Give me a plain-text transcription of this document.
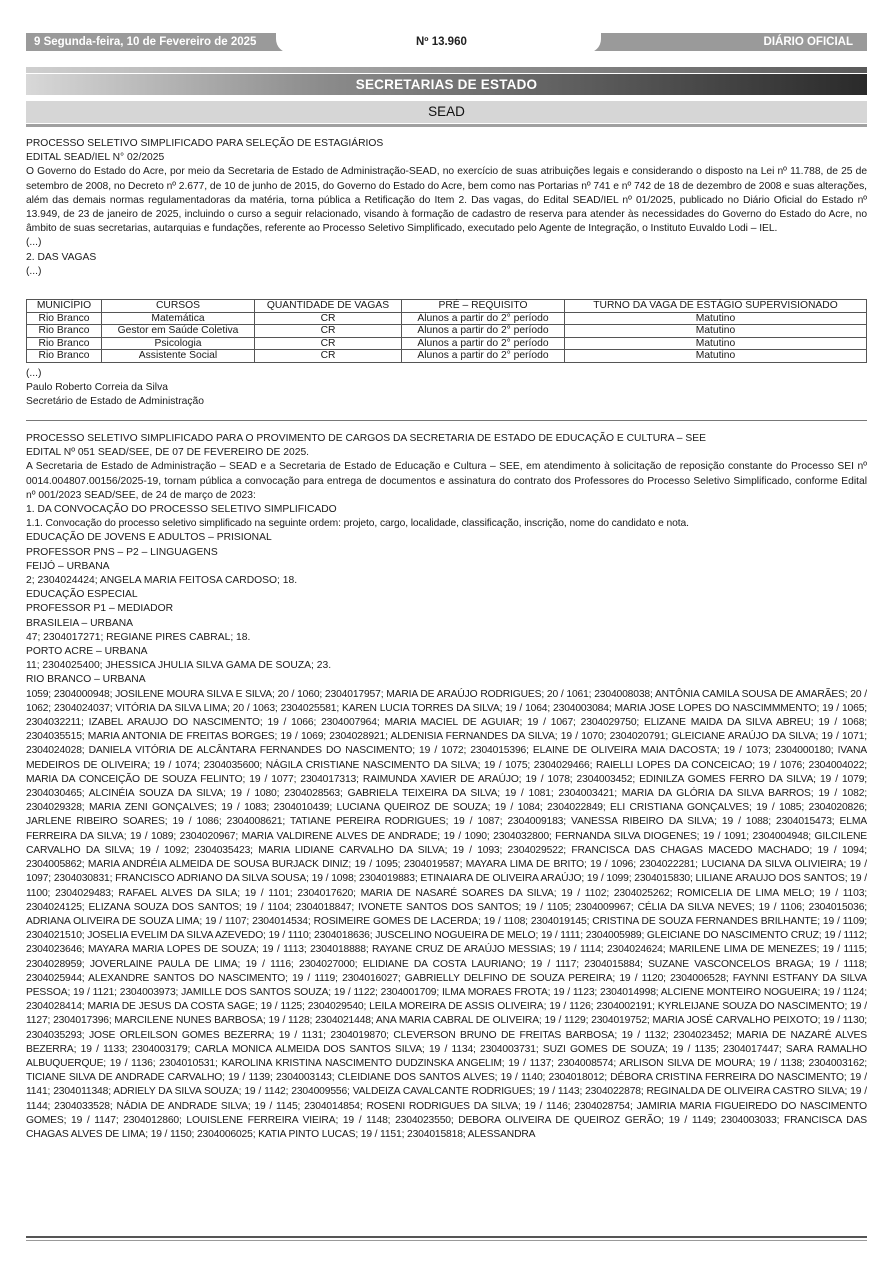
9 Segunda-feira, 10 de Fevereiro de 2025	Nº 13.960	DIÁRIO OFICIAL
SECRETARIAS DE ESTADO
SEAD
PROCESSO SELETIVO SIMPLIFICADO PARA SELEÇÃO DE ESTAGIÁRIOS
EDITAL SEAD/IEL N° 02/2025
O Governo do Estado do Acre, por meio da Secretaria de Estado de Administração-SEAD, no exercício de suas atribuições legais e considerando o disposto na Lei nº 11.788, de 25 de setembro de 2008, no Decreto nº 2.677, de 10 de junho de 2015, do Governo do Estado do Acre, bem como nas Portarias nº 741 e nº 742 de 18 de dezembro de 2008 e suas alterações, além das demais normas regulamentadoras da matéria, torna pública a Retificação do Item 2. Das vagas, do Edital SEAD/IEL nº 01/2025, publicado no Diário Oficial do Estado nº 13.949, de 23 de janeiro de 2025, incluindo o curso a seguir relacionado, visando à formação de cadastro de reserva para atender às necessidades do Governo do Estado do Acre, no âmbito de suas secretarias, autarquias e fundações, referente ao Processo Seletivo Simplificado, executado pelo Agente de Integração, o Instituto Euvaldo Lodi – IEL.
(...)
2. DAS VAGAS
(...)
MUNICÍPIO	CURSOS	QUANTIDADE DE VAGAS	PRÉ – REQUISITO	TURNO DA VAGA DE ESTÁGIO SUPERVISIONADO
Rio Branco	Matemática	CR	Alunos a partir do 2° período	Matutino
Rio Branco	Gestor em Saúde Coletiva	CR	Alunos a partir do 2° período	Matutino
Rio Branco	Psicologia	CR	Alunos a partir do 2° período	Matutino
Rio Branco	Assistente Social	CR	Alunos a partir do 2° período	Matutino
(...)
Paulo Roberto Correia da Silva
Secretário de Estado de Administração
PROCESSO SELETIVO SIMPLIFICADO PARA O PROVIMENTO DE CARGOS DA SECRETARIA DE ESTADO DE EDUCAÇÃO E CULTURA – SEE
EDITAL Nº 051 SEAD/SEE, DE 07 DE FEVEREIRO DE 2025.
A Secretaria de Estado de Administração – SEAD e a Secretaria de Estado de Educação e Cultura – SEE, em atendimento à solicitação de reposição constante do Processo SEI nº 0014.004807.00156/2025-19, tornam pública a convocação para entrega de documentos e assinatura do contrato dos Professores do Processo Seletivo Simplificado, conforme Edital nº 001/2023 SEAD/SEE, de 24 de março de 2023:
1. DA CONVOCAÇÃO DO PROCESSO SELETIVO SIMPLIFICADO
1.1. Convocação do processo seletivo simplificado na seguinte ordem: projeto, cargo, localidade, classificação, inscrição, nome do candidato e nota.
EDUCAÇÃO DE JOVENS E ADULTOS – PRISIONAL
PROFESSOR PNS – P2 – LINGUAGENS
FEIJÓ – URBANA
2; 2304024424; ANGELA MARIA FEITOSA CARDOSO; 18.
EDUCAÇÃO ESPECIAL
PROFESSOR P1 – MEDIADOR
BRASILEIA – URBANA
47; 2304017271; REGIANE PIRES CABRAL; 18.
PORTO ACRE – URBANA
11; 2304025400; JHESSICA JHULIA SILVA GAMA DE SOUZA; 23.
RIO BRANCO – URBANA
1059; 2304000948; JOSILENE MOURA SILVA E SILVA; 20 / 1060; 2304017957; MARIA DE ARAÚJO RODRIGUES; 20 / 1061; 2304008038; ANTÔNIA CAMILA SOUSA DE AMARÃES; 20 / 1062; 2304024037; VITÓRIA DA SILVA LIMA; 20 / 1063; 2304025581; KAREN LUCIA TORRES DA SILVA; 19 / 1064; 2304003084; MARIA JOSE LOPES DO NASCIMMMENTO; 19 / 1065; 2304032211; IZABEL ARAUJO DO NASCIMENTO; 19 / 1066; 2304007964; MARIA MACIEL DE AGUIAR; 19 / 1067; 2304029750; ELIZANE MAIDA DA SILVA ABREU; 19 / 1068; 2304035515; MARIA ANTONIA DE FREITAS BORGES; 19 / 1069; 2304028921; ALDENISIA FERNANDES DA SILVA; 19 / 1070; 2304020791; GLEICIANE ARAÚJO DA SILVA; 19 / 1071; 2304024028; DANIELA VITÓRIA DE ALCÂNTARA FERNANDES DO NASCIMENTO; 19 / 1072; 2304015396; ELAINE DE OLIVEIRA MAIA DACOSTA; 19 / 1073; 2304000180; IVANA MEDEIROS DE OLIVEIRA; 19 / 1074; 2304035600; NÁGILA CRISTIANE NASCIMENTO DA SILVA; 19 / 1075; 2304029466; RAIELLI LOPES DA CONCEICAO; 19 / 1076; 2304004022; MARIA DA CONCEIÇÃO DE SOUZA FELINTO; 19 / 1077; 2304017313; RAIMUNDA XAVIER DE ARAÚJO; 19 / 1078; 2304003452; EDINILZA GOMES FERRO DA SILVA; 19 / 1079; 2304030465; ALCINÉIA SOUZA DA SILVA; 19 / 1080; 2304028563; GABRIELA TEIXEIRA DA SILVA; 19 / 1081; 2304003421; MARIA DA GLÓRIA DA SILVA BARROS; 19 / 1082; 2304029328; MARIA ZENI GONÇALVES; 19 / 1083; 2304010439; LUCIANA QUEIROZ DE SOUZA; 19 / 1084; 2304022849; ELI CRISTIANA GONÇALVES; 19 / 1085; 2304020826; JARLENE RIBEIRO SOARES; 19 / 1086; 2304008621; TATIANE PEREIRA RODRIGUES; 19 / 1087; 2304009183; VANESSA RIBEIRO DA SILVA; 19 / 1088; 2304015473; ELMA FERREIRA DA SILVA; 19 / 1089; 2304020967; MARIA VALDIRENE ALVES DE ANDRADE; 19 / 1090; 2304032800; FERNANDA SILVA DIOGENES; 19 / 1091; 2304004948; GILCILENE CARVALHO DA SILVA; 19 / 1092; 2304035423; MARIA LIDIANE CARVALHO DA SILVA; 19 / 1093; 2304029522; FRANCISCA DAS CHAGAS MACEDO MACHADO; 19 / 1094; 2304005862; MARIA ANDRÉIA ALMEIDA DE SOUSA BURJACK DINIZ; 19 / 1095; 2304019587; MAYARA LIMA DE BRITO; 19 / 1096; 2304022281; LUCIANA DA SILVA OLIVIEIRA; 19 / 1097; 2304030831; FRANCISCO ADRIANO DA SILVA SOUSA; 19 / 1098; 2304019883; ETINAIARA DE OLIVEIRA ARAÚJO; 19 / 1099; 2304015830; LILIANE ARAUJO DOS SANTOS; 19 / 1100; 2304029483; RAFAEL ALVES DA SILA; 19 / 1101; 2304017620; MARIA DE NASARÉ SOARES DA SILVA; 19 / 1102; 2304025262; ROMICELIA DE LIMA MELO; 19 / 1103; 2304024125; ELIZANA SOUZA DOS SANTOS; 19 / 1104; 2304018847; IVONETE SANTOS DOS SANTOS; 19 / 1105; 2304009967; CÉLIA DA SILVA NEVES; 19 / 1106; 2304015036; ADRIANA OLIVEIRA DE SOUZA LIMA; 19 / 1107; 2304014534; ROSIMEIRE GOMES DE LACERDA; 19 / 1108; 2304019145; CRISTINA DE SOUZA FERNANDES BRILHANTE; 19 / 1109; 2304021510; JOSELIA EVELIM DA SILVA AZEVEDO; 19 / 1110; 2304018636; JUSCELINO NOGUEIRA DE MELO; 19 / 1111; 2304005989; GLEICIANE DO NASCIMENTO CRUZ; 19 / 1112; 2304023646; MAYARA MARIA LOPES DE SOUZA; 19 / 1113; 2304018888; RAYANE CRUZ DE ARAÚJO MESSIAS; 19 / 1114; 2304024624; MARILENE LIMA DE MENEZES; 19 / 1115; 2304028959; JOVERLAINE PAULA DE LIMA; 19 / 1116; 2304027000; ELIDIANE DA COSTA LAURIANO; 19 / 1117; 2304015884; SUZANE VASCONCELOS BRAGA; 19 / 1118; 2304025944; ALEXANDRE SANTOS DO NASCIMENTO; 19 / 1119; 2304016027; GABRIELLY DELFINO DE SOUZA PEREIRA; 19 / 1120; 2304006528; FAYNNI ESTFANY DA SILVA PESSOA; 19 / 1121; 2304003973; JAMILLE DOS SANTOS SOUZA; 19 / 1122; 2304001709; ILMA MORAES FROTA; 19 / 1123; 2304014998; ALCIENE MONTEIRO NOGUEIRA; 19 / 1124; 2304028414; MARIA DE JESUS DA COSTA SAGE; 19 / 1125; 2304029540; LEILA MOREIRA DE ASSIS OLIVEIRA; 19 / 1126; 2304002191; KYRLEIJANE SOUZA DO NASCIMENTO; 19 / 1127; 2304017396; MARCILENE NUNES BARBOSA; 19 / 1128; 2304021448; ANA MARIA CABRAL DE OLIVEIRA; 19 / 1129; 2304019752; MARIA JOSÉ CARVALHO PEIXOTO; 19 / 1130; 2304035293; JOSE ORLEILSON GOMES BEZERRA; 19 / 1131; 2304019870; CLEVERSON BRUNO DE FREITAS BARBOSA; 19 / 1132; 2304023452; MARIA DE NAZARÉ ALVES BEZERRA; 19 / 1133; 2304003179; CARLA MONICA ALMEIDA DOS SANTOS SILVA; 19 / 1134; 2304003731; SUZI GOMES DE SOUZA; 19 / 1135; 2304017447; SARA RAMALHO ALBUQUERQUE; 19 / 1136; 2304010531; KAROLINA KRISTINA NASCIMENTO DUDZINSKA ANGELIM; 19 / 1137; 2304008574; ARLISON SILVA DE MOURA; 19 / 1138; 2304003162; TICIANE SILVA DE ANDRADE CARVALHO; 19 / 1139; 2304003143; CLEIDIANE DOS SANTOS ALVES; 19 / 1140; 2304018012; DÉBORA CRISTINA FERREIRA DO NASCIMENTO; 19 / 1141; 2304011348; ADRIELY DA SILVA SOUZA; 19 / 1142; 2304009556; VALDEIZA CAVALCANTE RODRIGUES; 19 / 1143; 2304022878; REGINALDA DE OLIVEIRA CASTRO SILVA; 19 / 1144; 2304033528; NÁDIA DE ANDRADE SILVA; 19 / 1145; 2304014854; ROSENI RODRIGUES DA SILVA; 19 / 1146; 2304028754; JAMIRIA MARIA FIGUEIREDO DO NASCIMENTO GOMES; 19 / 1147; 2304012860; LOUISLENE FERREIRA VIEIRA; 19 / 1148; 2304023550; DEBORA OLIVEIRA DE QUEIROZ GERÃO; 19 / 1149; 2304003033; FRANCISCA DAS CHAGAS ALVES DE LIMA; 19 / 1150; 2304006025; KATIA PINTO LUCAS; 19 / 1151; 2304015818; ALESSANDRA
